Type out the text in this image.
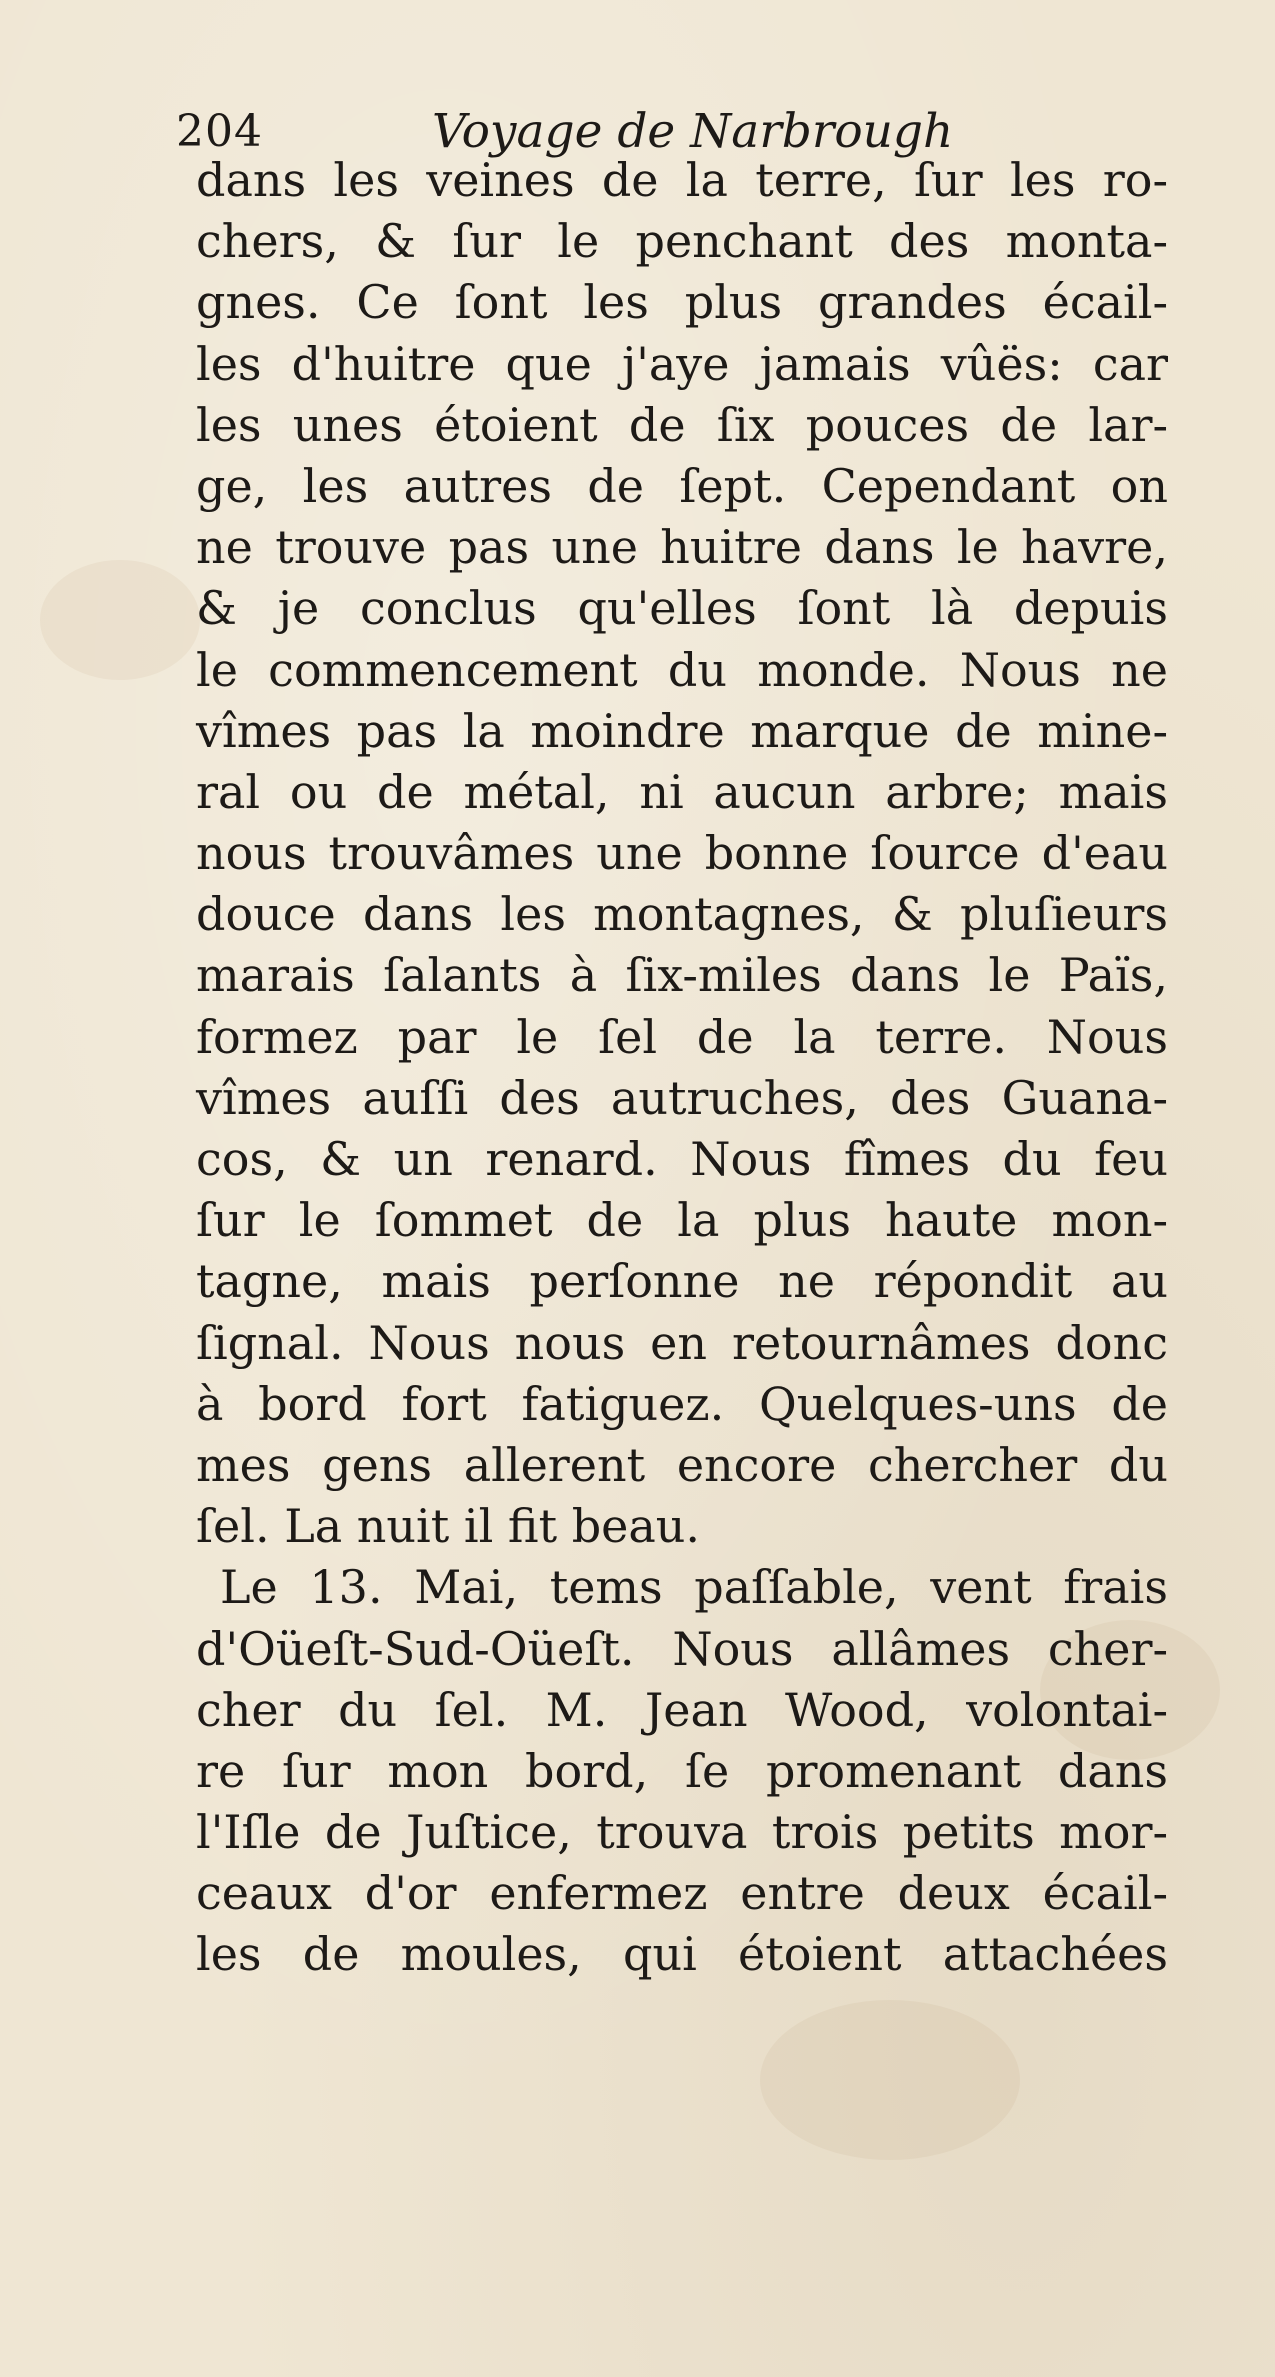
204	Voyage de Narbrough
dans les veines de la terre, ſur les ro-
chers, & ſur le penchant des monta-
gnes. Ce ſont les plus grandes écail-
les d'huitre que j'aye jamais vûës: car
les unes étoient de ſix pouces de lar-
ge, les autres de ſept. Cependant on
ne trouve pas une huitre dans le havre,
& je conclus qu'elles ſont là depuis
le commencement du monde. Nous ne
vîmes pas la moindre marque de mine-
ral ou de métal, ni aucun arbre; mais
nous trouvâmes une bonne ſource d'eau
douce dans les montagnes, & pluſieurs
marais ſalants à ſix-miles dans le Païs,
formez par le ſel de la terre. Nous
vîmes auſſi des autruches, des Guana-
cos, & un renard. Nous fîmes du feu
ſur le ſommet de la plus haute mon-
tagne, mais perſonne ne répondit au
ſignal. Nous nous en retournâmes donc
à bord fort fatiguez. Quelques-uns de
mes gens allerent encore chercher du
ſel. La nuit il fit beau.
Le 13. Mai, tems paſſable, vent frais
d'Oüeſt-Sud-Oüeſt. Nous allâmes cher-
cher du ſel. M. Jean Wood, volontai-
re ſur mon bord, ſe promenant dans
l'Iſle de Juſtice, trouva trois petits mor-
ceaux d'or enfermez entre deux écail-
les de moules, qui étoient attachées
